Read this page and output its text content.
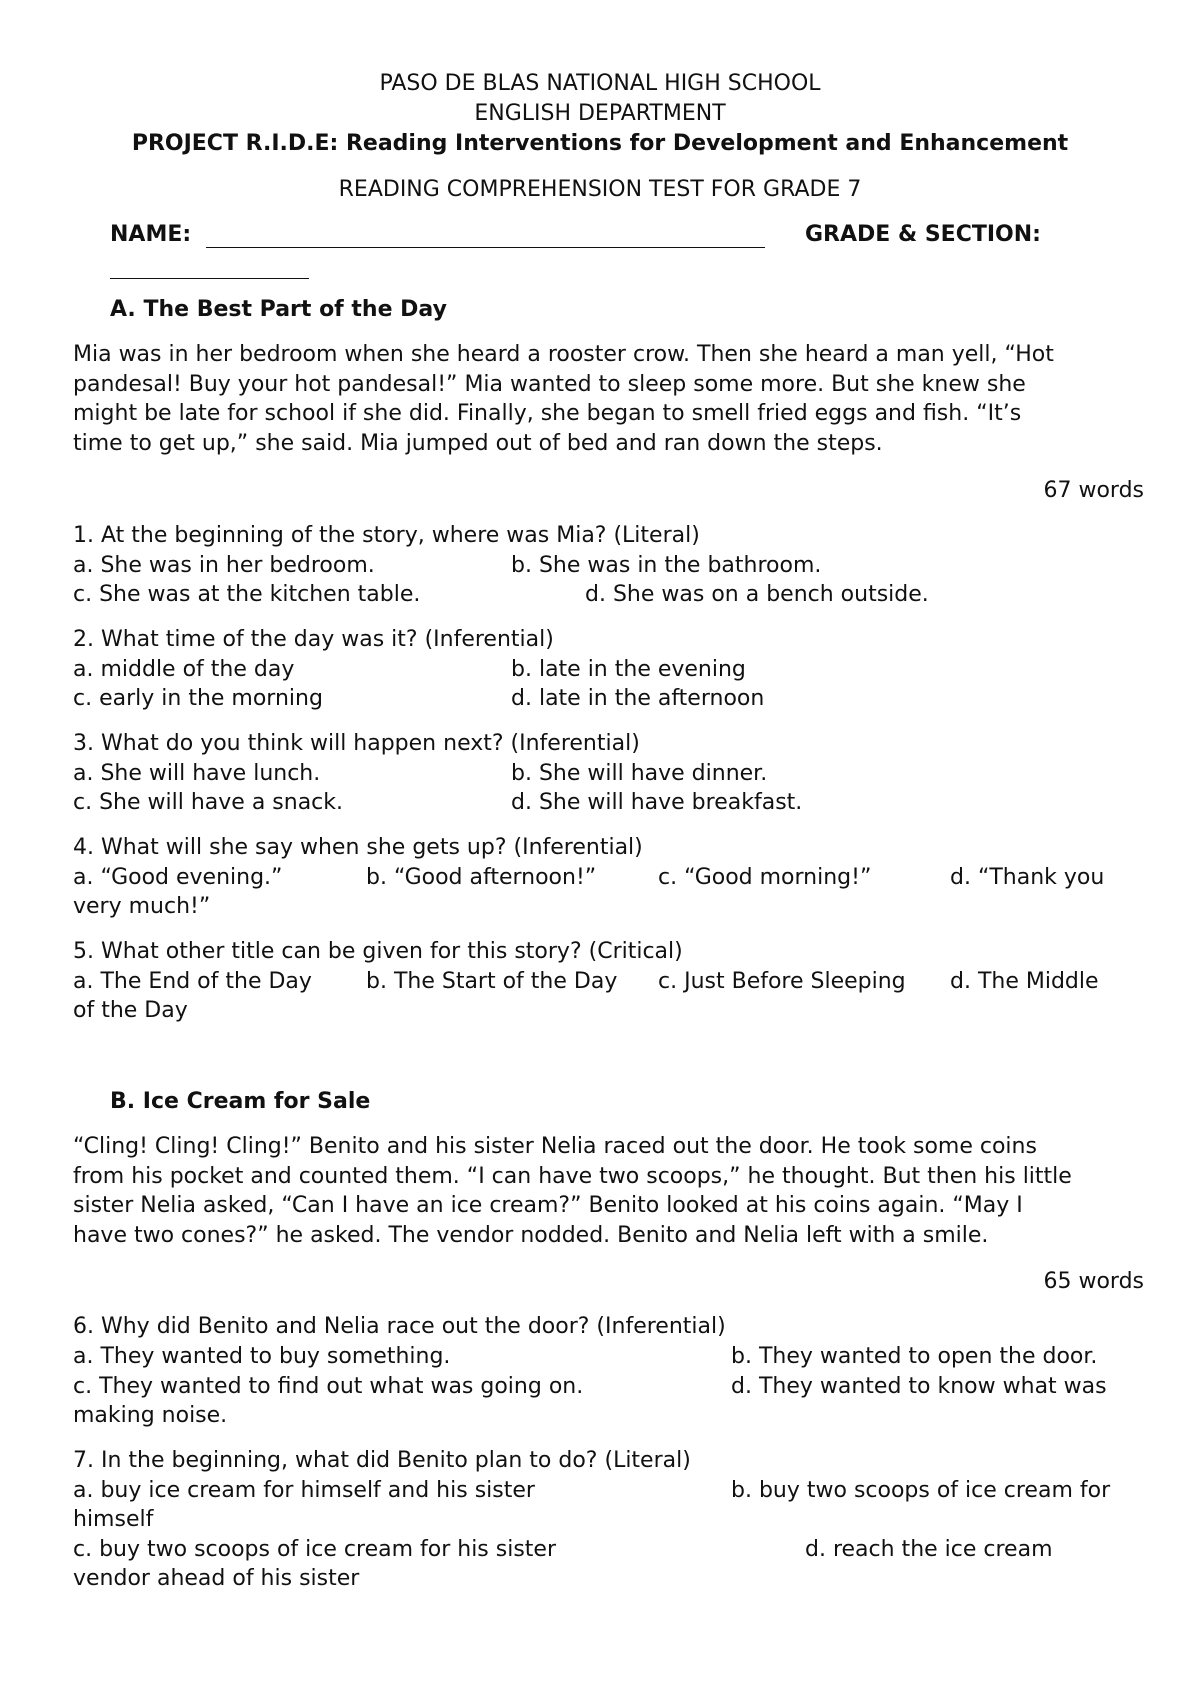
PASO DE BLAS NATIONAL HIGH SCHOOL
ENGLISH DEPARTMENT
PROJECT R.I.D.E: Reading Interventions for Development and Enhancement
READING COMPREHENSION TEST FOR GRADE 7
NAME:	GRADE & SECTION:
A. The Best Part of the Day
Mia was in her bedroom when she heard a rooster crow. Then she heard a man yell, “Hot
pandesal! Buy your hot pandesal!” Mia wanted to sleep some more. But she knew she
might be late for school if she did. Finally, she began to smell fried eggs and fish. “It’s
time to get up,” she said. Mia jumped out of bed and ran down the steps.
67 words
1. At the beginning of the story, where was Mia? (Literal)
a. She was in her bedroom.	b. She was in the bathroom.
c. She was at the kitchen table.	d. She was on a bench outside.
2. What time of the day was it? (Inferential)
a. middle of the day	b. late in the evening
c. early in the morning	d. late in the afternoon
3. What do you think will happen next? (Inferential)
a. She will have lunch.	b. She will have dinner.
c. She will have a snack.	d. She will have breakfast.
4. What will she say when she gets up? (Inferential)
a. “Good evening.”	b. “Good afternoon!”	c. “Good morning!”	d. “Thank you
very much!”
5. What other title can be given for this story? (Critical)
a. The End of the Day b. The Start of the Day c. Just Before Sleeping d. The Middle
of the Day
B. Ice Cream for Sale
“Cling! Cling! Cling!” Benito and his sister Nelia raced out the door. He took some coins
from his pocket and counted them. “I can have two scoops,” he thought. But then his little
sister Nelia asked, “Can I have an ice cream?” Benito looked at his coins again. “May I
have two cones?” he asked. The vendor nodded. Benito and Nelia left with a smile.
65 words
6. Why did Benito and Nelia race out the door? (Inferential)
a. They wanted to buy something.	b. They wanted to open the door.
c. They wanted to find out what was going on.	d. They wanted to know what was
making noise.
7. In the beginning, what did Benito plan to do? (Literal)
a. buy ice cream for himself and his sister	b. buy two scoops of ice cream for
himself
c. buy two scoops of ice cream for his sister	d. reach the ice cream
vendor ahead of his sister
